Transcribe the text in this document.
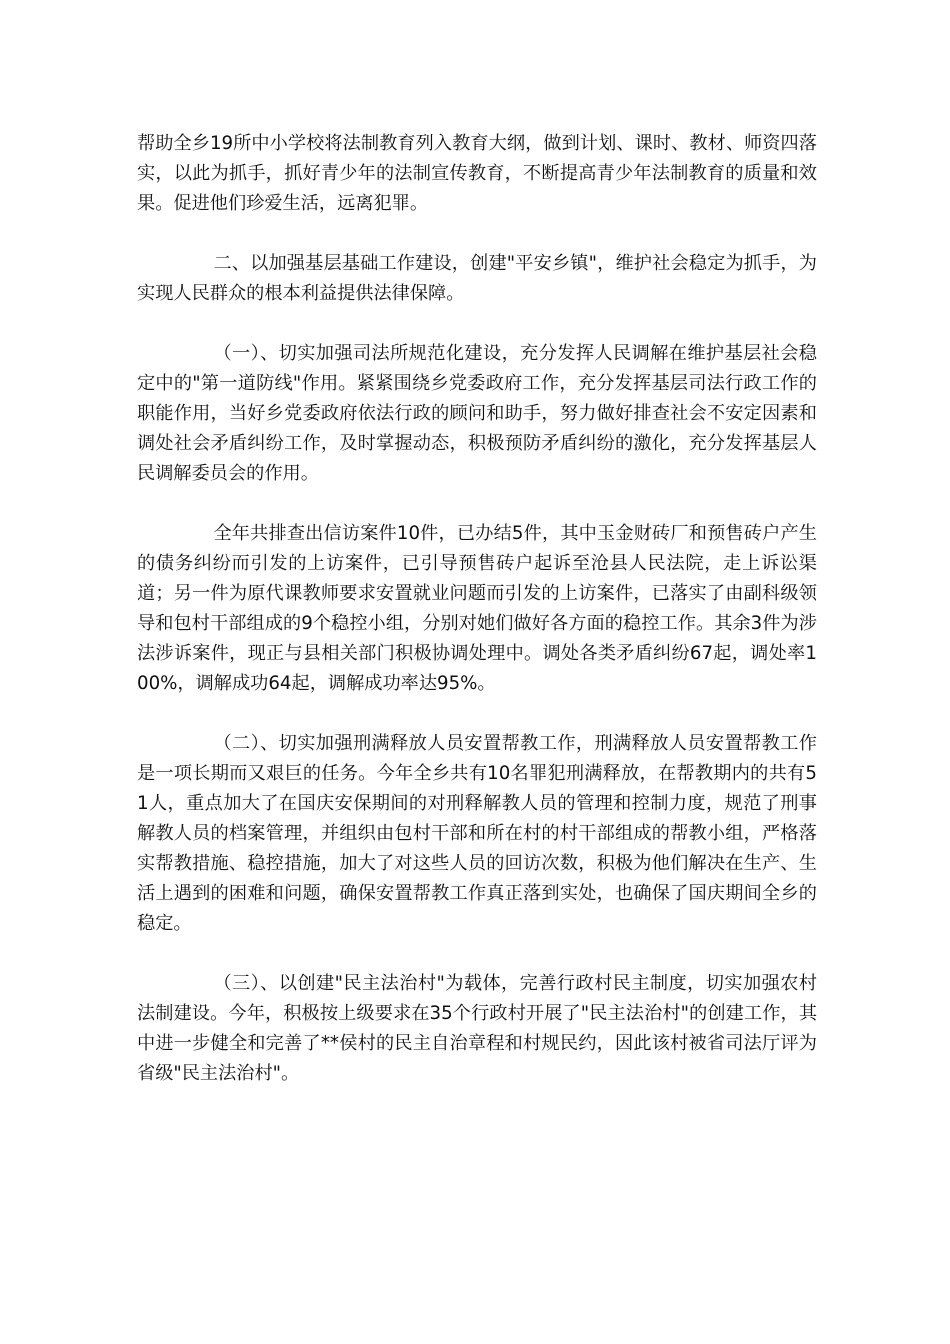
帮助全乡19所中小学校将法制教育列入教育大纲，做到计划、课时、教材、师资四落实，以此为抓手，抓好青少年的法制宣传教育，不断提高青少年法制教育的质量和效果。促进他们珍爱生活，远离犯罪。

二、以加强基层基础工作建设，创建"平安乡镇"，维护社会稳定为抓手，为实现人民群众的根本利益提供法律保障。

（一）、切实加强司法所规范化建设，充分发挥人民调解在维护基层社会稳定中的"第一道防线"作用。紧紧围绕乡党委政府工作，充分发挥基层司法行政工作的职能作用，当好乡党委政府依法行政的顾问和助手，努力做好排查社会不安定因素和调处社会矛盾纠纷工作，及时掌握动态，积极预防矛盾纠纷的激化，充分发挥基层人民调解委员会的作用。

全年共排查出信访案件10件，已办结5件，其中玉金财砖厂和预售砖户产生的债务纠纷而引发的上访案件，已引导预售砖户起诉至沧县人民法院，走上诉讼渠道；另一件为原代课教师要求安置就业问题而引发的上访案件，已落实了由副科级领导和包村干部组成的9个稳控小组，分别对她们做好各方面的稳控工作。其余3件为涉法涉诉案件，现正与县相关部门积极协调处理中。调处各类矛盾纠纷67起，调处率100%，调解成功64起，调解成功率达95%。

（二）、切实加强刑满释放人员安置帮教工作，刑满释放人员安置帮教工作是一项长期而又艰巨的任务。今年全乡共有10名罪犯刑满释放，在帮教期内的共有51人，重点加大了在国庆安保期间的对刑释解教人员的管理和控制力度，规范了刑事解教人员的档案管理，并组织由包村干部和所在村的村干部组成的帮教小组，严格落实帮教措施、稳控措施，加大了对这些人员的回访次数，积极为他们解决在生产、生活上遇到的困难和问题，确保安置帮教工作真正落到实处，也确保了国庆期间全乡的稳定。

（三）、以创建"民主法治村"为载体，完善行政村民主制度，切实加强农村法制建设。今年，积极按上级要求在35个行政村开展了"民主法治村"的创建工作，其中进一步健全和完善了**侯村的民主自治章程和村规民约，因此该村被省司法厅评为省级"民主法治村"。
